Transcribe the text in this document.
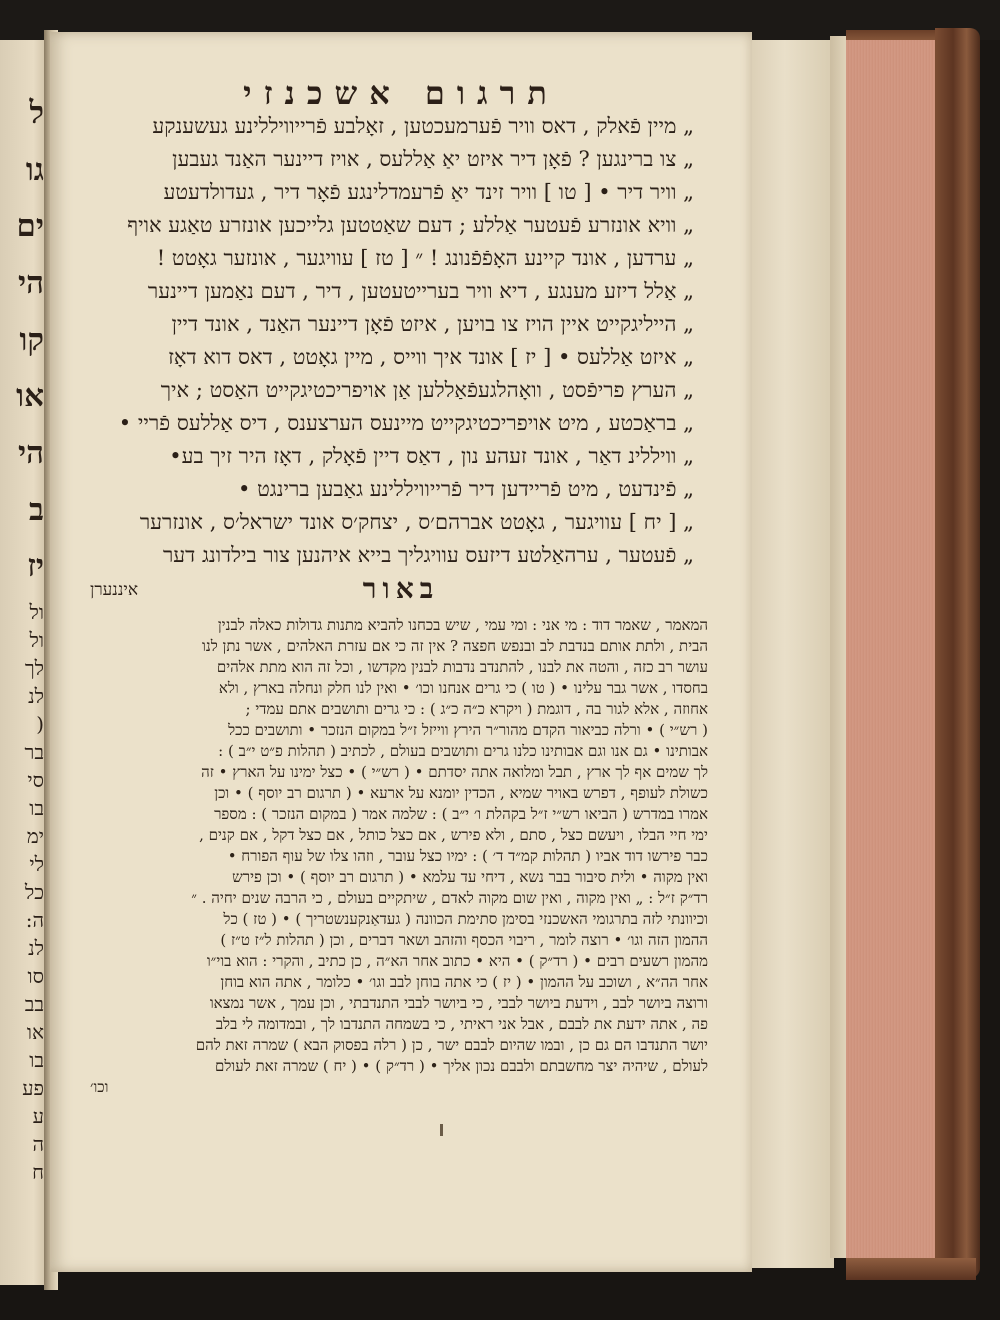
ל
גו
ים
הי
קו
או
הי
ב
יז
ול
ול
לך
לנ
(
בר
סי
בו
ימ
לי
כל
ה:
לנ
סו
בב
או
בו
פע
ע
ה
ח
תרגום אשכנזי
„ מיין פֿאלק , דאס וויר פֿערמעכטען , זאָלבע פֿרייוויללינע געשענקע
„ צו ברינגען ? פֿאָן דיר איזט יאַ אַללעס , אויז דיינער האַנד געבען
„ וויר דיר • [ טו ] וויר זינד יאַ פֿרעמדלינגע פֿאָר דיר , געדולדעטע
„ וויא אונזרע פֿעטער אַללע ; דעם שאַטטען גלייכען אונזרע טאַגע אויף
„ ערדען , אונד קיינע האָפֿפֿנונג ! ״ [ טז ] עוויגער , אונזער גאָטט !
„ אַלל דיזע מענגע , דיא וויר בערייטעטען , דיר , דעם נאַמען דיינער
„ הייליגקייט איין הויז צו בויען , איזט פֿאָן דיינער האַנד , אונד דיין
„ איזט אַללעס • [ יז ] אונד איך ווייס , מיין גאָטט , דאס דוא דאָז
„ הערץ פריפֿסט , וואָהלגעפֿאַללען אַן אויפריכטיגקייט האַסט ; איך
„ בראַכטע , מיט אויפריכטיגקייט מיינעס הערצענס , דיס אַללעס פֿריי •
„ וויללינ דאַר , אונד זעהע נון , דאַס דיין פֿאָלק , דאָז היר זיך בע•
„ פֿינדעט , מיט פֿריידען דיר פֿרייוויללינע גאַבען ברינגט •
„ [ יח ] עוויגער , גאָטט אברהם׳ס , יצחק׳ס אונד ישראל׳ס , אונזרער
„ פֿעטער , ערהאַלטע דיזעס עוויגליך בייא איהנען צור בילדונג דער
באור
איננערן
המאמר , שאמר דוד : מי אני : ומי עמי , שיש בכחנו להביא מתנות גדולות כאלה לבנין
הבית , ולתת אותם בנדבת לב ובנפש חפצה ? אין זה כי אם עזרת האלהים , אשר נתן לנו
עושר רב כזה , והטה את לבנו , להתנדב נדבות לבנין מקדשו , וכל זה הוא מתת אלהים
בחסדו , אשר גבר עלינו • ( טו ) כי גרים אנחנו וכו׳ • ואין לנו חלק ונחלה בארץ , ולא
אחוזה , אלא לגור בה , דוגמת ( ויקרא כ״ה כ״ג ) : כי גרים ותושבים אתם עמדי ;
( רש״י ) • ורלה כביאור הקדם מהור״ר הירץ ווייזל ז״ל במקום הנזכר • ותושבים ככל
אבותינו • גם אנו וגם אבותינו כלנו גרים ותושבים בעולם , לכתיב ( תהלות פ״ט י״ב ) :
לך שמים אף לך ארץ , תבל ומלואה אתה יסדתם • ( רש״י ) • כצל ימינו על הארץ • זה
כשולת לעופף , דפרש באויר שמיא , הכדין יומנא על ארעא • ( תרגום רב יוסף ) • וכן
אמרו במדרש ( הביאו רש״י ז״ל בקהלת ו׳ י״ב ) : שלמה אמר ( במקום הנזכר ) : מספר
ימי חיי הבלו , ויעשם כצל , סתם , ולא פירש , אם כצל כותל , אם כצל דקל , אם קנים ,
כבר פירשו דוד אביו ( תהלות קמ״ד ד׳ ) : ימיו כצל עובר , וזהו צלו של עוף הפורח •
ואין מקוה • ולית סיבור בבר נשא , דיחי עד עלמא • ( תרגום רב יוסף ) • וכן פירש
רד״ק ז״ל : „ ואין מקוה , ואין שום מקוה לאדם , שיתקיים בעולם , כי הרבה שנים יחיה . ״
וכיוונתי לזה בתרגומי האשכנזי בסימן סתימת הכוונה ( געדאַנקענשטריך ) • ( טז ) כל
ההמון הזה וגו׳ • רוצה לומר , ריבוי הכסף והזהב ושאר דברים , וכן ( תהלות ל״ז ט״ז )
מהמון רשעים רבים • ( רד״ק ) • היא • כתוב אחר הא״ה , כן כתיב , והקרי : הוא בוי״ו
אחר הה״א , ושוכב על ההמון • ( יז ) כי אתה בוחן לבב וגו׳ • כלומר , אתה הוא בוחן
ורוצה ביושר לבב , וידעת ביושר לבבי , כי ביושר לבבי התנדבתי , וכן עמך , אשר נמצאו
פה , אתה ידעת את לבבם , אבל אני ראיתי , כי בשמחה התנדבו לך , ובמדומה לי בלב
יושר התנדבו הם גם כן , ובמו שהיום לבבם ישר , כן ( רלה בפסוק הבא ) שמרה זאת להם
לעולם , שיהיה יצר מחשבתם ולבבם נכון אליך • ( רד״ק ) • ( יח ) שמרה זאת לעולם
וכו׳
